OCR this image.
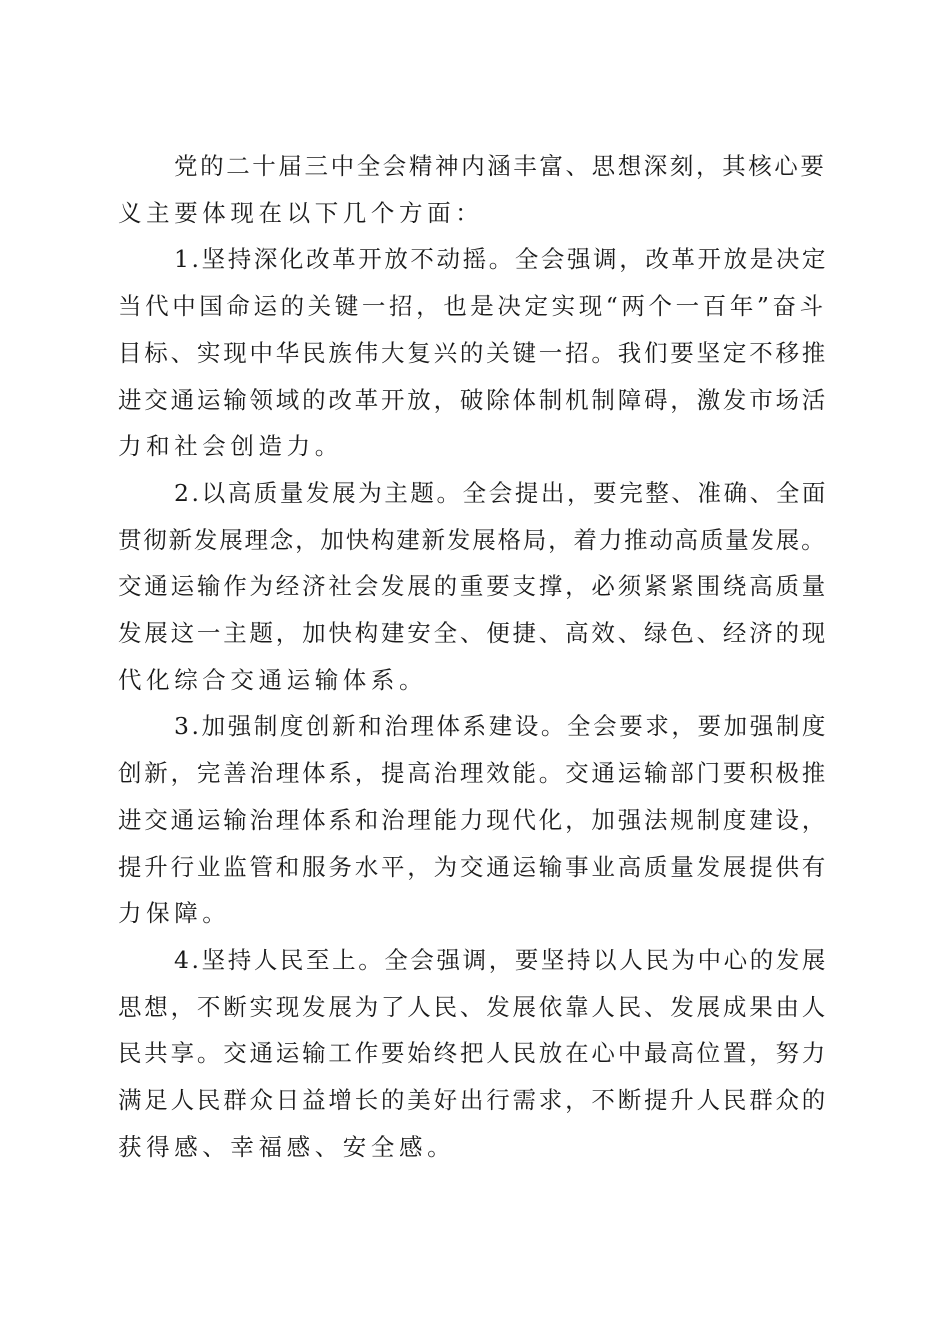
党的二十届三中全会精神内涵丰富、思想深刻，其核心要
义主要体现在以下几个方面：

1.坚持深化改革开放不动摇。全会强调，改革开放是决定
当代中国命运的关键一招，也是决定实现“两个一百年”奋斗
目标、实现中华民族伟大复兴的关键一招。我们要坚定不移推
进交通运输领域的改革开放，破除体制机制障碍，激发市场活
力和社会创造力。

2.以高质量发展为主题。全会提出，要完整、准确、全面
贯彻新发展理念，加快构建新发展格局，着力推动高质量发展。
交通运输作为经济社会发展的重要支撑，必须紧紧围绕高质量
发展这一主题，加快构建安全、便捷、高效、绿色、经济的现
代化综合交通运输体系。

3.加强制度创新和治理体系建设。全会要求，要加强制度
创新，完善治理体系，提高治理效能。交通运输部门要积极推
进交通运输治理体系和治理能力现代化，加强法规制度建设，
提升行业监管和服务水平，为交通运输事业高质量发展提供有
力保障。

4.坚持人民至上。全会强调，要坚持以人民为中心的发展
思想，不断实现发展为了人民、发展依靠人民、发展成果由人
民共享。交通运输工作要始终把人民放在心中最高位置，努力
满足人民群众日益增长的美好出行需求，不断提升人民群众的
获得感、幸福感、安全感。
